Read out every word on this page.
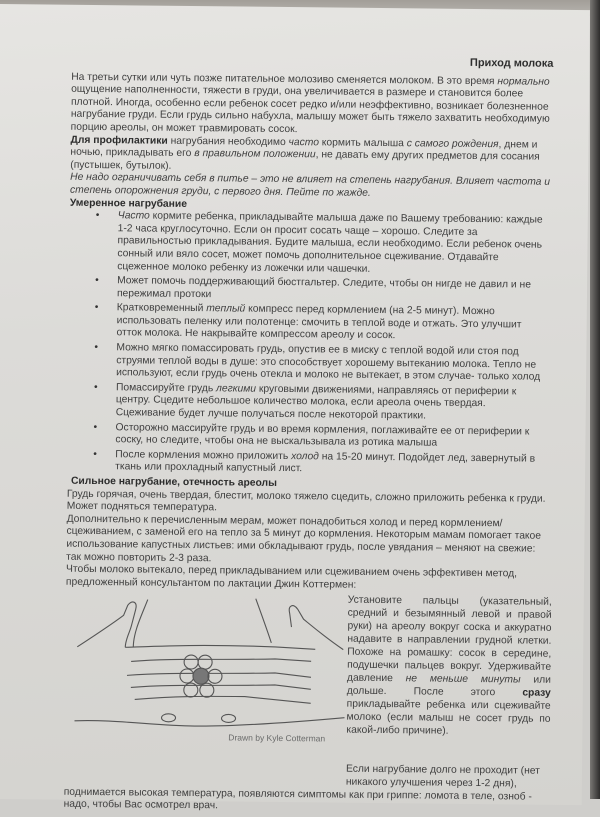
Приход молока

На третьи сутки или чуть позже питательное молозиво сменяется молоком. В это время нормально ощущение наполненности, тяжести в груди, она увеличивается в размере и становится более плотной. Иногда, особенно если ребенок сосет редко и/или неэффективно, возникает болезненное нагрубание груди. Если грудь сильно набухла, малышу может быть тяжело захватить необходимую порцию ареолы, он может травмировать сосок.

Для профилактики нагрубания необходимо часто кормить малыша с самого рождения, днем и ночью, прикладывать его в правильном положении, не давать ему других предметов для сосания (пустышек, бутылок).

Не надо ограничивать себя в питье – это не влияет на степень нагрубания. Влияет частота и степень опорожнения груди, с первого дня. Пейте по жажде.

Умеренное нагрубание
• Часто кормите ребенка, прикладывайте малыша даже по Вашему требованию: каждые 1-2 часа круглосуточно. Если он просит сосать чаще – хорошо. Следите за правильностью прикладывания. Будите малыша, если необходимо. Если ребенок очень сонный или вяло сосет, может помочь дополнительное сцеживание. Отдавайте сцеженное молоко ребенку из ложечки или чашечки.
• Может помочь поддерживающий бюстгальтер. Следите, чтобы он нигде не давил и не пережимал протоки
• Кратковременный теплый компресс перед кормлением (на 2-5 минут). Можно использовать пеленку или полотенце: смочить в теплой воде и отжать. Это улучшит отток молока. Не накрывайте компрессом ареолу и сосок.
• Можно мягко помассировать грудь, опустив ее в миску с теплой водой или стоя под струями теплой воды в душе: это способствует хорошему вытеканию молока. Тепло не используют, если грудь очень отекла и молоко не вытекает, в этом случае- только холод
• Помассируйте грудь легкими круговыми движениями, направляясь от периферии к центру. Сцедите небольшое количество молока, если ареола очень твердая. Сцеживание будет лучше получаться после некоторой практики.
• Осторожно массируйте грудь и во время кормления, поглаживайте ее от периферии к соску, но следите, чтобы она не выскальзывала из ротика малыша
• После кормления можно приложить холод на 15-20 минут. Подойдет лед, завернутый в ткань или прохладный капустный лист.
Сильное нагрубание, отечность ареолы

Грудь горячая, очень твердая, блестит, молоко тяжело сцедить, сложно приложить ребенка к груди. Может подняться температура.

Дополнительно к перечисленным мерам, может понадобиться холод и перед кормлением/сцеживанием, с заменой его на тепло за 5 минут до кормления. Некоторым мамам помогает такое использование капустных листьев: ими обкладывают грудь, после увядания – меняют на свежие: так можно повторить 2-3 раза.

Чтобы молоко вытекало, перед прикладыванием или сцеживанием очень эффективен метод, предложенный консультантом по лактации Джин Коттермен:

Drawn by Kyle Cotterman
Установите пальцы (указательный, средний и безымянный левой и правой руки) на ареолу вокруг соска и аккуратно надавите в направлении грудной клетки. Похоже на ромашку: сосок в середине, подушечки пальцев вокруг. Удерживайте давление не меньше минуты или дольше. После этого сразу прикладывайте ребенка или сцеживайте молоко (если малыш не сосет грудь по какой-либо причине).

Если нагрубание долго не проходит (нет никакого улучшения через 1-2 дня),

поднимается высокая температура, появляются симптомы как при гриппе: ломота в теле, озноб - надо, чтобы Вас осмотрел врач.
